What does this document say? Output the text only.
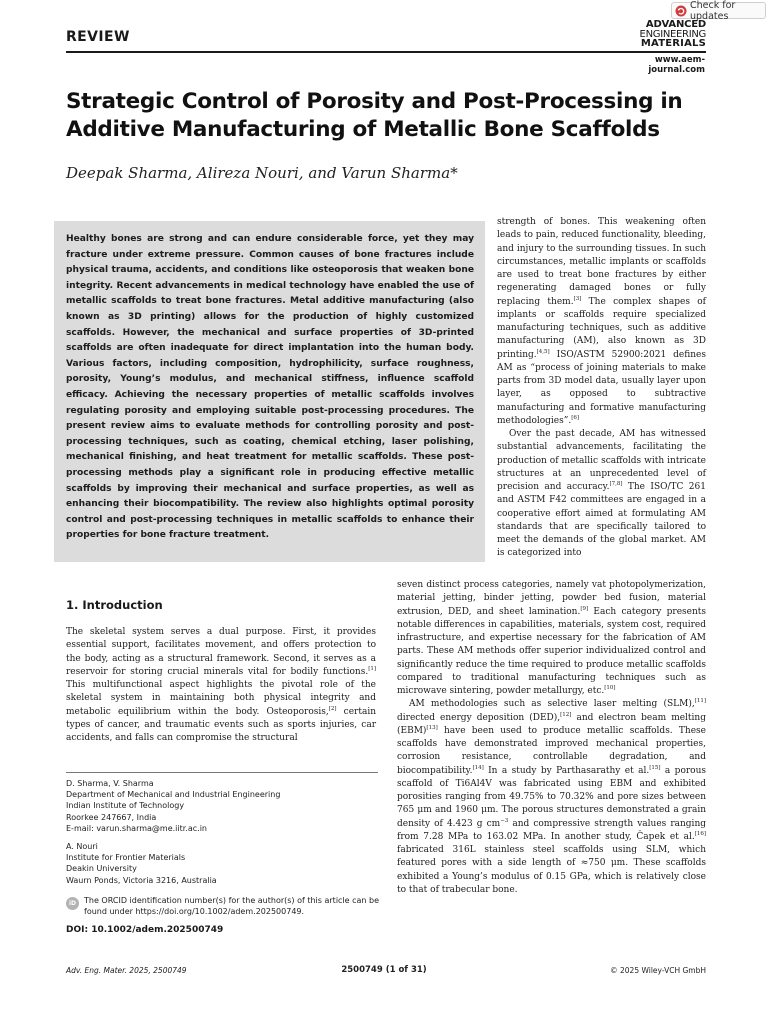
REVIEW
Check for updates
ADVANCED
ENGINEERING
MATERIALS
www.aem-journal.com
Strategic Control of Porosity and Post-Processing in Additive Manufacturing of Metallic Bone Scaffolds
Deepak Sharma, Alireza Nouri, and Varun Sharma*
Healthy bones are strong and can endure considerable force, yet they may fracture under extreme pressure. Common causes of bone fractures include physical trauma, accidents, and conditions like osteoporosis that weaken bone integrity. Recent advancements in medical technology have enabled the use of metallic scaffolds to treat bone fractures. Metal additive manufacturing (also known as 3D printing) allows for the production of highly customized scaffolds. However, the mechanical and surface properties of 3D-printed scaffolds are often inadequate for direct implantation into the human body. Various factors, including composition, hydrophilicity, surface roughness, porosity, Young’s modulus, and mechanical stiffness, influence scaffold efficacy. Achieving the necessary properties of metallic scaffolds involves regulating porosity and employing suitable post-processing procedures. The present review aims to evaluate methods for controlling porosity and post-processing techniques, such as coating, chemical etching, laser polishing, mechanical finishing, and heat treatment for metallic scaffolds. These post-processing methods play a significant role in producing effective metallic scaffolds by improving their mechanical and surface properties, as well as enhancing their biocompatibility. The review also highlights optimal porosity control and post-processing techniques in metallic scaffolds to enhance their properties for bone fracture treatment.

strength of bones. This weakening often leads to pain, reduced functionality, bleeding, and injury to the surrounding tissues. In such circumstances, metallic implants or scaffolds are used to treat bone fractures by either regenerating damaged bones or fully replacing them.[3] The complex shapes of implants or scaffolds require specialized manufacturing techniques, such as additive manufacturing (AM), also known as 3D printing.[4,5] ISO/ASTM 52900:2021 defines AM as “process of joining materials to make parts from 3D model data, usually layer upon layer, as opposed to subtractive manufacturing and formative manufacturing methodologies”.[6]

Over the past decade, AM has witnessed substantial advancements, facilitating the production of metallic scaffolds with intricate structures at an unprecedented level of precision and accuracy.[7,8] The ISO/TC 261 and ASTM F42 committees are engaged in a cooperative effort aimed at formulating AM standards that are specifically tailored to meet the demands of the global market. AM is categorized into

seven distinct process categories, namely vat photopolymerization, material jetting, binder jetting, powder bed fusion, material extrusion, DED, and sheet lamination.[9] Each category presents notable differences in capabilities, materials, system cost, required infrastructure, and expertise necessary for the fabrication of AM parts. These AM methods offer superior individualized control and significantly reduce the time required to produce metallic scaffolds compared to traditional manufacturing techniques such as microwave sintering, powder metallurgy, etc.[10]

AM methodologies such as selective laser melting (SLM),[11] directed energy deposition (DED),[12] and electron beam melting (EBM)[13] have been used to produce metallic scaffolds. These scaffolds have demonstrated improved mechanical properties, corrosion resistance, controllable degradation, and biocompatibility.[14] In a study by Parthasarathy et al.[15] a porous scaffold of Ti6Al4V was fabricated using EBM and exhibited porosities ranging from 49.75% to 70.32% and pore sizes between 765 μm and 1960 μm. The porous structures demonstrated a grain density of 4.423 g $cm^{-3}$ and compressive strength values ranging from 7.28 MPa to 163.02 MPa. In another study, Čapek et al.[16] fabricated 316L stainless steel scaffolds using SLM, which featured pores with a side length of ≈750 μm. These scaffolds exhibited a Young’s modulus of 0.15 GPa, which is relatively close to that of trabecular bone.

1. Introduction

The skeletal system serves a dual purpose. First, it provides essential support, facilitates movement, and offers protection to the body, acting as a structural framework. Second, it serves as a reservoir for storing crucial minerals vital for bodily functions.[1] This multifunctional aspect highlights the pivotal role of the skeletal system in maintaining both physical integrity and metabolic equilibrium within the body. Osteoporosis,[2] certain types of cancer, and traumatic events such as sports injuries, car accidents, and falls can compromise the structural

D. Sharma, V. Sharma
Department of Mechanical and Industrial Engineering
Indian Institute of Technology
Roorkee 247667, India
E-mail: varun.sharma@me.iitr.ac.in
A. Nouri
Institute for Frontier Materials
Deakin University
Waurn Ponds, Victoria 3216, Australia
iD The ORCID identification number(s) for the author(s) of this article can be found under https://doi.org/10.1002/adem.202500749.
DOI: 10.1002/adem.202500749
Adv. Eng. Mater. 2025, 2500749	2500749 (1 of 31)	© 2025 Wiley-VCH GmbH
